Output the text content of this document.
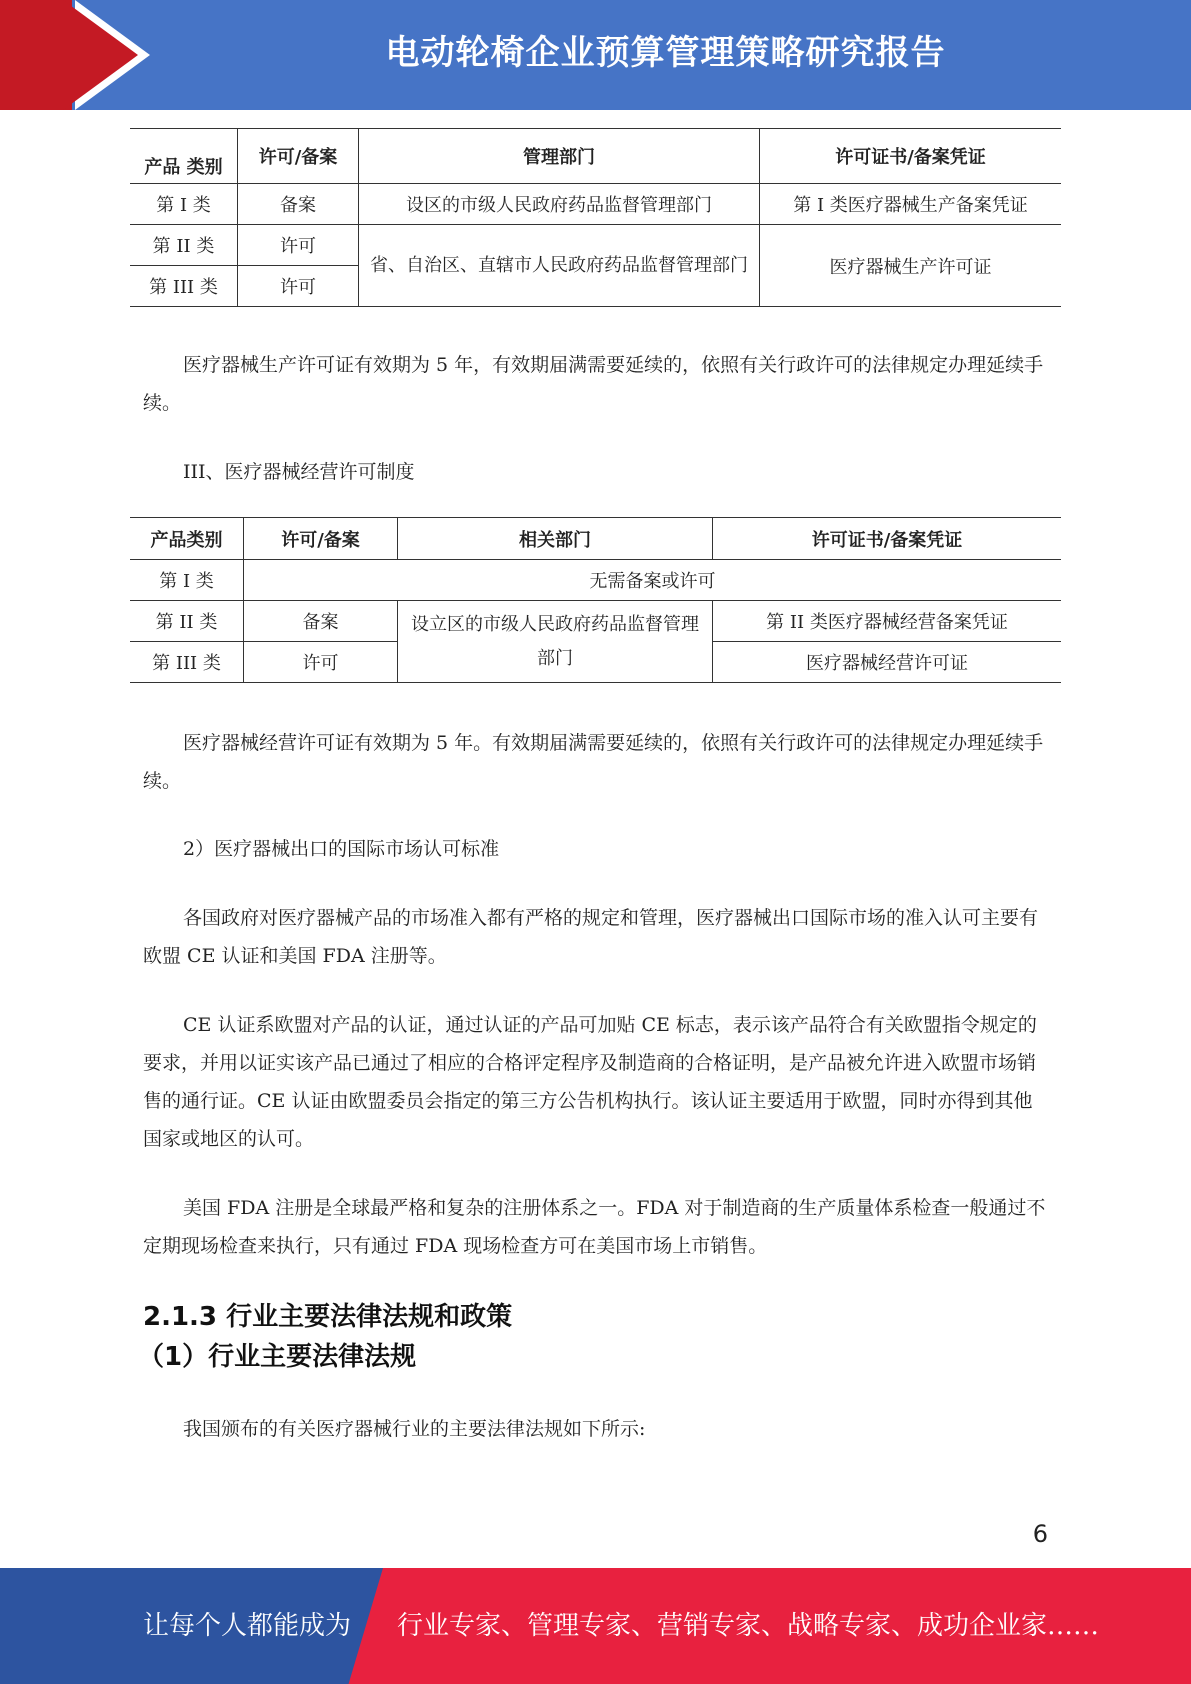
电动轮椅企业预算管理策略研究报告
产品 类别	许可/备案	管理部门	许可证书/备案凭证
第 I 类	备案	设区的市级人民政府药品监督管理部门	第 I 类医疗器械生产备案凭证
第 II 类	许可	省、自治区、直辖市人民政府药品监督管理部门	医疗器械生产许可证
第 III 类	许可		
医疗器械生产许可证有效期为 5 年，有效期届满需要延续的，依照有关行政许可的法律规定办理延续手续。
III、医疗器械经营许可制度
产品类别	许可/备案	相关部门	许可证书/备案凭证
第 I 类	无需备案或许可		
第 II 类	备案	设立区的市级人民政府药品监督管理部门	第 II 类医疗器械经营备案凭证
第 III 类	许可		医疗器械经营许可证
医疗器械经营许可证有效期为 5 年。有效期届满需要延续的，依照有关行政许可的法律规定办理延续手续。
2）医疗器械出口的国际市场认可标准
各国政府对医疗器械产品的市场准入都有严格的规定和管理，医疗器械出口国际市场的准入认可主要有欧盟 CE 认证和美国 FDA 注册等。
CE 认证系欧盟对产品的认证，通过认证的产品可加贴 CE 标志，表示该产品符合有关欧盟指令规定的要求，并用以证实该产品已通过了相应的合格评定程序及制造商的合格证明，是产品被允许进入欧盟市场销售的通行证。CE 认证由欧盟委员会指定的第三方公告机构执行。该认证主要适用于欧盟，同时亦得到其他国家或地区的认可。
美国 FDA 注册是全球最严格和复杂的注册体系之一。FDA 对于制造商的生产质量体系检查一般通过不定期现场检查来执行，只有通过 FDA 现场检查方可在美国市场上市销售。
2.1.3 行业主要法律法规和政策
（1）行业主要法律法规
我国颁布的有关医疗器械行业的主要法律法规如下所示:
6
让每个人都能成为 行业专家、管理专家、营销专家、战略专家、成功企业家……
